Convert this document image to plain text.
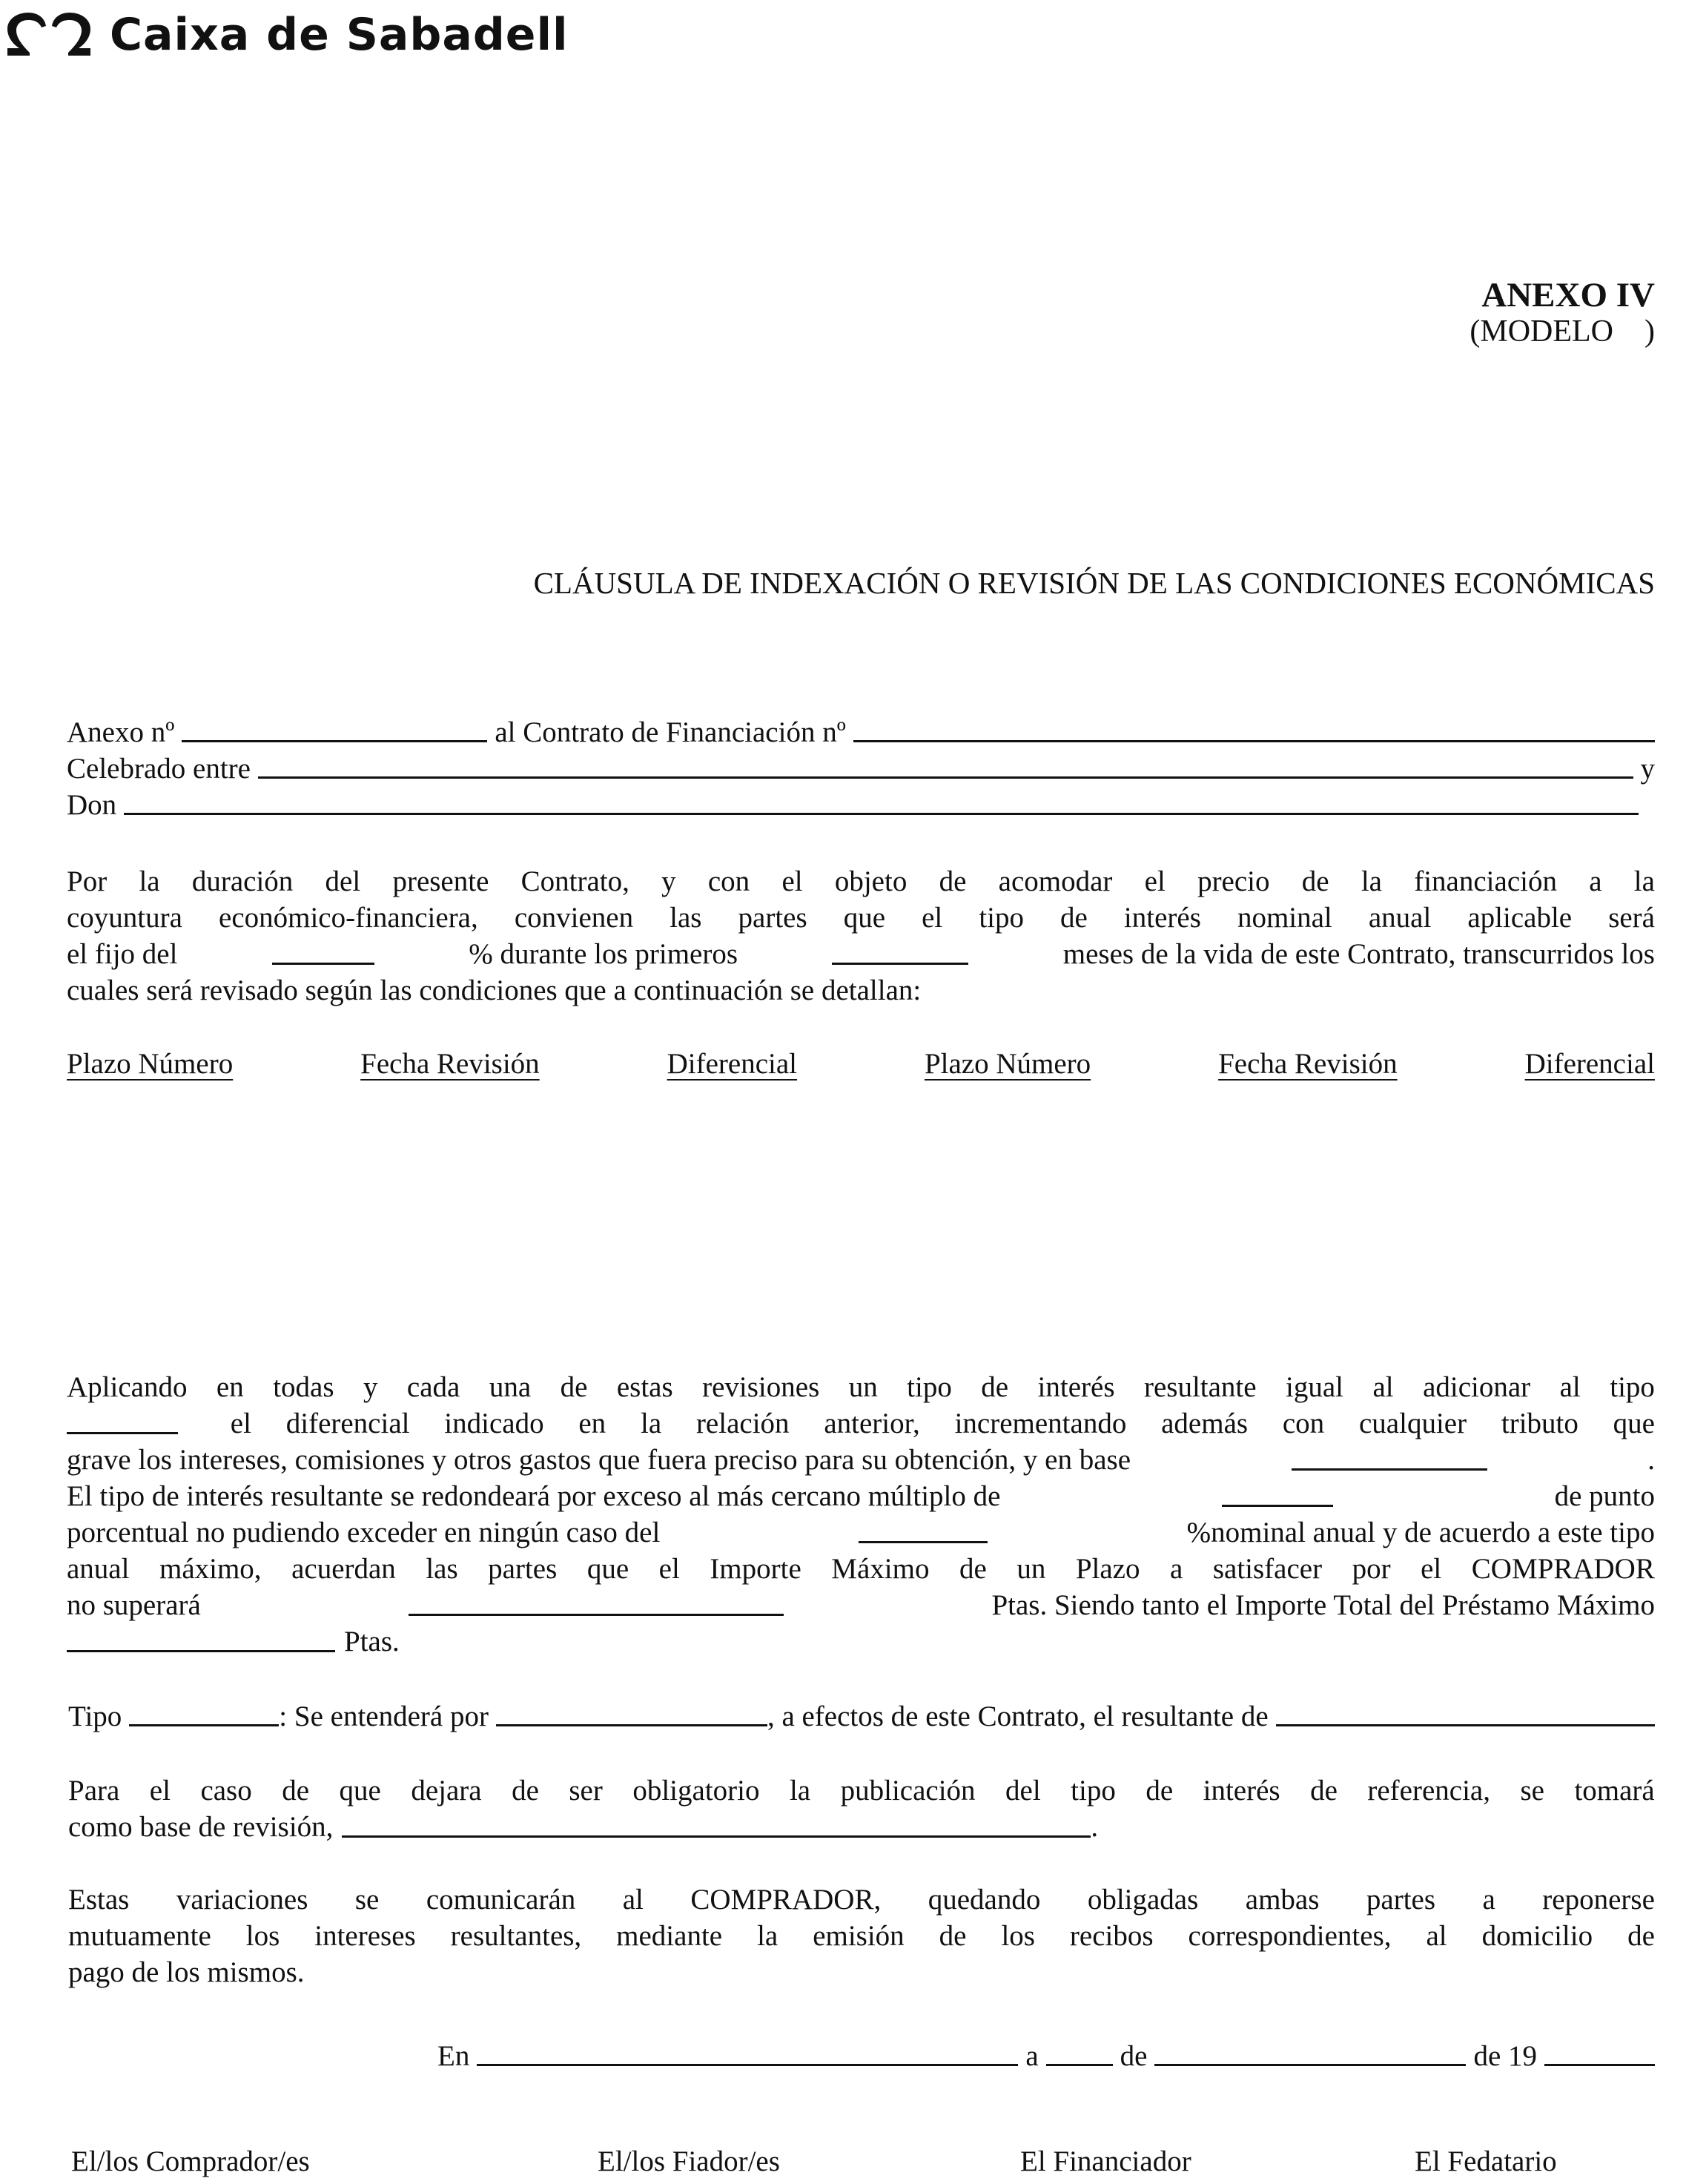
Caixa de Sabadell
ANEXO IV
(MODELO    )
CLÁUSULA DE INDEXACIÓN O REVISIÓN DE LAS CONDICIONES ECONÓMICAS
Anexo nº	al Contrato de Financiación nº
Celebrado entre	y
Don
Por la duración del presente Contrato, y con el objeto de acomodar el precio de la financiación a la
coyuntura económico-financiera, convienen las partes que el tipo de interés nominal anual aplicable será
el fijo del	% durante los primeros	meses de la vida de este Contrato, transcurridos los
cuales será revisado según las condiciones que a continuación se detallan:
Plazo Número	Fecha Revisión	Diferencial	Plazo Número	Fecha Revisión	Diferencial
Aplicando en todas y cada una de estas revisiones un tipo de interés resultante igual al adicionar al tipo
el diferencial indicado en la relación anterior, incrementando además con cualquier tributo que
grave los intereses, comisiones y otros gastos que fuera preciso para su obtención, y en base	.
El tipo de interés resultante se redondeará por exceso al más cercano múltiplo de	de punto
porcentual no pudiendo exceder en ningún caso del	%nominal anual y de acuerdo a este tipo
anual máximo, acuerdan las partes que el Importe Máximo de un Plazo a satisfacer por el COMPRADOR
no superará	Ptas. Siendo tanto el Importe Total del Préstamo Máximo
Ptas.
Tipo	: Se entenderá por	, a efectos de este Contrato, el resultante de
Para el caso de que dejara de ser obligatorio la publicación del tipo de interés de referencia, se tomará
como base de revisión,	.
Estas variaciones se comunicarán al COMPRADOR, quedando obligadas ambas partes a reponerse
mutuamente los intereses resultantes, mediante la emisión de los recibos correspondientes, al domicilio de
pago de los mismos.
En	a	de	de 19
El/los Comprador/es	El/los Fiador/es	El Financiador	El Fedatario
